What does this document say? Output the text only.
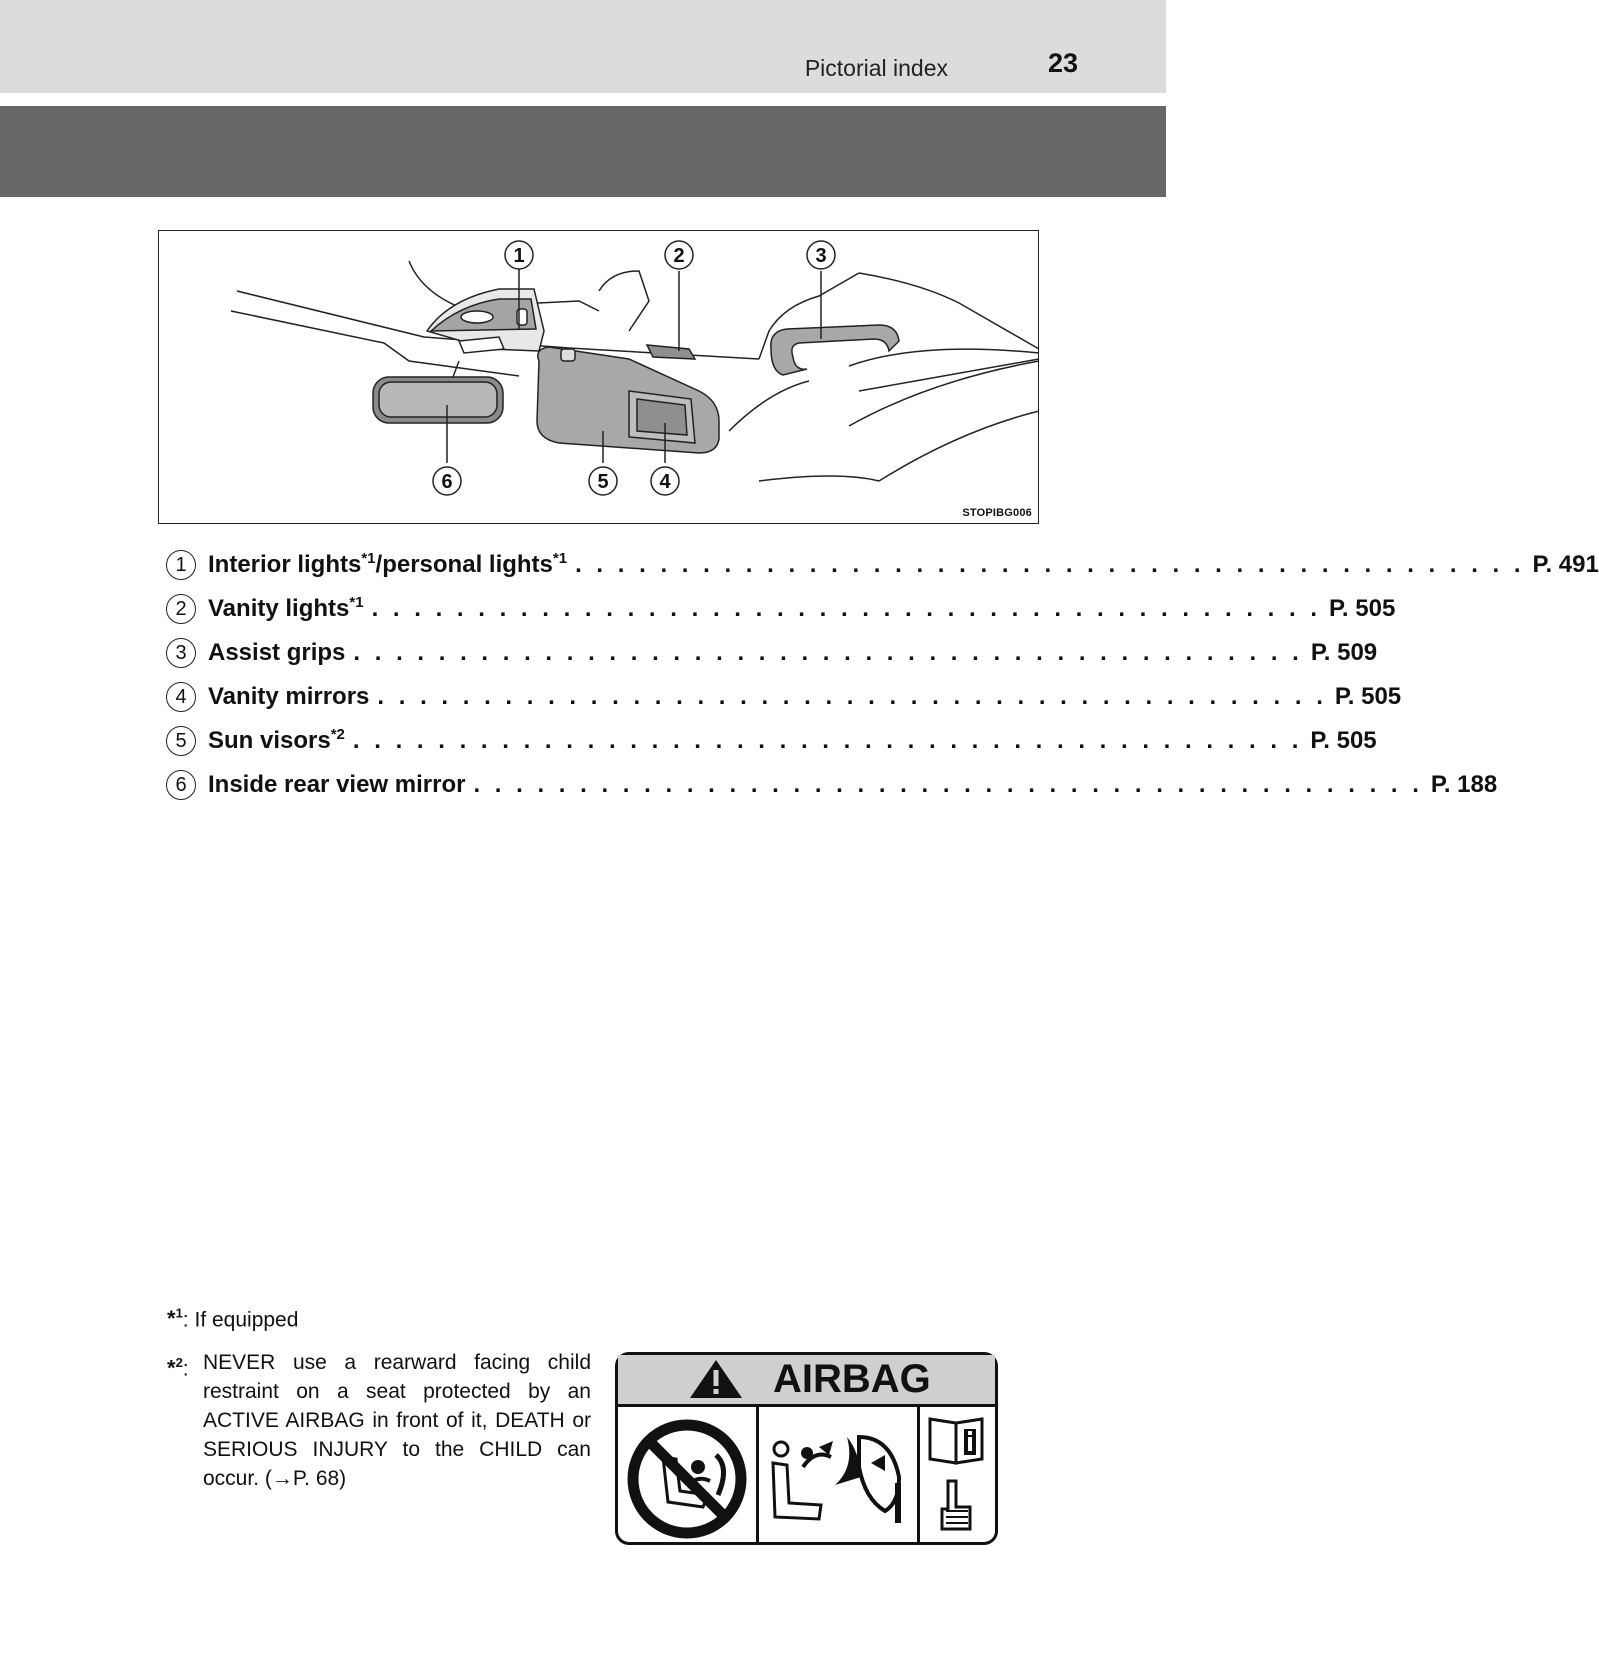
Pictorial index	23
1	2	3
6	5	4
STOPIBG006
1 Interior lights$^{*1}$/personal lights$^{*1}$ . . . . . . . . . . . . . . . . . . . . . . . . . . . . . . . . . . . . . . . . . . . . . P. 491
2 Vanity lights$^{*1}$ . . . . . . . . . . . . . . . . . . . . . . . . . . . . . . . . . . . . . . . . . . . . . P. 505
3 Assist grips . . . . . . . . . . . . . . . . . . . . . . . . . . . . . . . . . . . . . . . . . . . . . P. 509
4 Vanity mirrors . . . . . . . . . . . . . . . . . . . . . . . . . . . . . . . . . . . . . . . . . . . . . P. 505
5 Sun visors$^{*2}$ . . . . . . . . . . . . . . . . . . . . . . . . . . . . . . . . . . . . . . . . . . . . . P. 505
6 Inside rear view mirror . . . . . . . . . . . . . . . . . . . . . . . . . . . . . . . . . . . . . . . . . . . . . P. 188
*$^1$: If equipped
*$^2$: NEVER use a rearward facing child restraint on a seat protected by an ACTIVE AIRBAG in front of it, DEATH or SERIOUS INJURY to the CHILD can occur. (→P. 68)
AIRBAG
